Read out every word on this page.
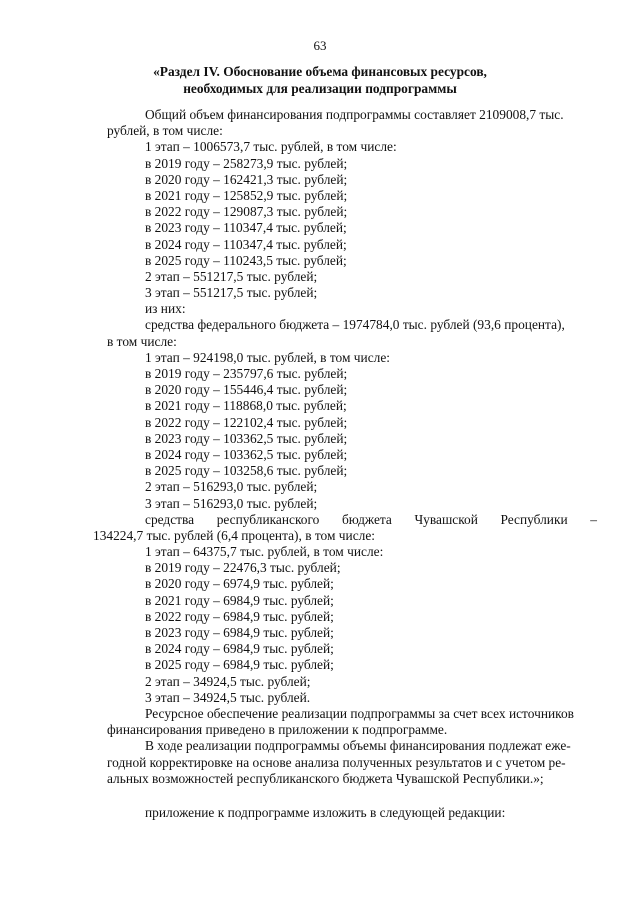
63
«Раздел IV. Обоснование объема финансовых ресурсов,
необходимых для реализации подпрограммы
Общий объем финансирования подпрограммы составляет 2109008,7 тыс.
рублей, в том числе:
1 этап – 1006573,7 тыс. рублей, в том числе:
в 2019 году – 258273,9 тыс. рублей;
в 2020 году – 162421,3 тыс. рублей;
в 2021 году – 125852,9 тыс. рублей;
в 2022 году – 129087,3 тыс. рублей;
в 2023 году – 110347,4 тыс. рублей;
в 2024 году – 110347,4 тыс. рублей;
в 2025 году – 110243,5 тыс. рублей;
2 этап – 551217,5 тыс. рублей;
3 этап – 551217,5 тыс. рублей;
из них:
средства федерального бюджета – 1974784,0 тыс. рублей (93,6 процента),
в том числе:
1 этап – 924198,0 тыс. рублей, в том числе:
в 2019 году – 235797,6 тыс. рублей;
в 2020 году – 155446,4 тыс. рублей;
в 2021 году – 118868,0 тыс. рублей;
в 2022 году – 122102,4 тыс. рублей;
в 2023 году – 103362,5 тыс. рублей;
в 2024 году – 103362,5 тыс. рублей;
в 2025 году – 103258,6 тыс. рублей;
2 этап – 516293,0 тыс. рублей;
3 этап – 516293,0 тыс. рублей;
средства республиканского бюджета Чувашской Республики –
134224,7 тыс. рублей (6,4 процента), в том числе:
1 этап – 64375,7 тыс. рублей, в том числе:
в 2019 году – 22476,3 тыс. рублей;
в 2020 году – 6974,9 тыс. рублей;
в 2021 году – 6984,9 тыс. рублей;
в 2022 году – 6984,9 тыс. рублей;
в 2023 году – 6984,9 тыс. рублей;
в 2024 году – 6984,9 тыс. рублей;
в 2025 году – 6984,9 тыс. рублей;
2 этап – 34924,5 тыс. рублей;
3 этап – 34924,5 тыс. рублей.
Ресурсное обеспечение реализации подпрограммы за счет всех источников
финансирования приведено в приложении к подпрограмме.
В ходе реализации подпрограммы объемы финансирования подлежат еже-
годной корректировке на основе анализа полученных результатов и с учетом ре-
альных возможностей республиканского бюджета Чувашской Республики.»;
приложение к подпрограмме изложить в следующей редакции:
